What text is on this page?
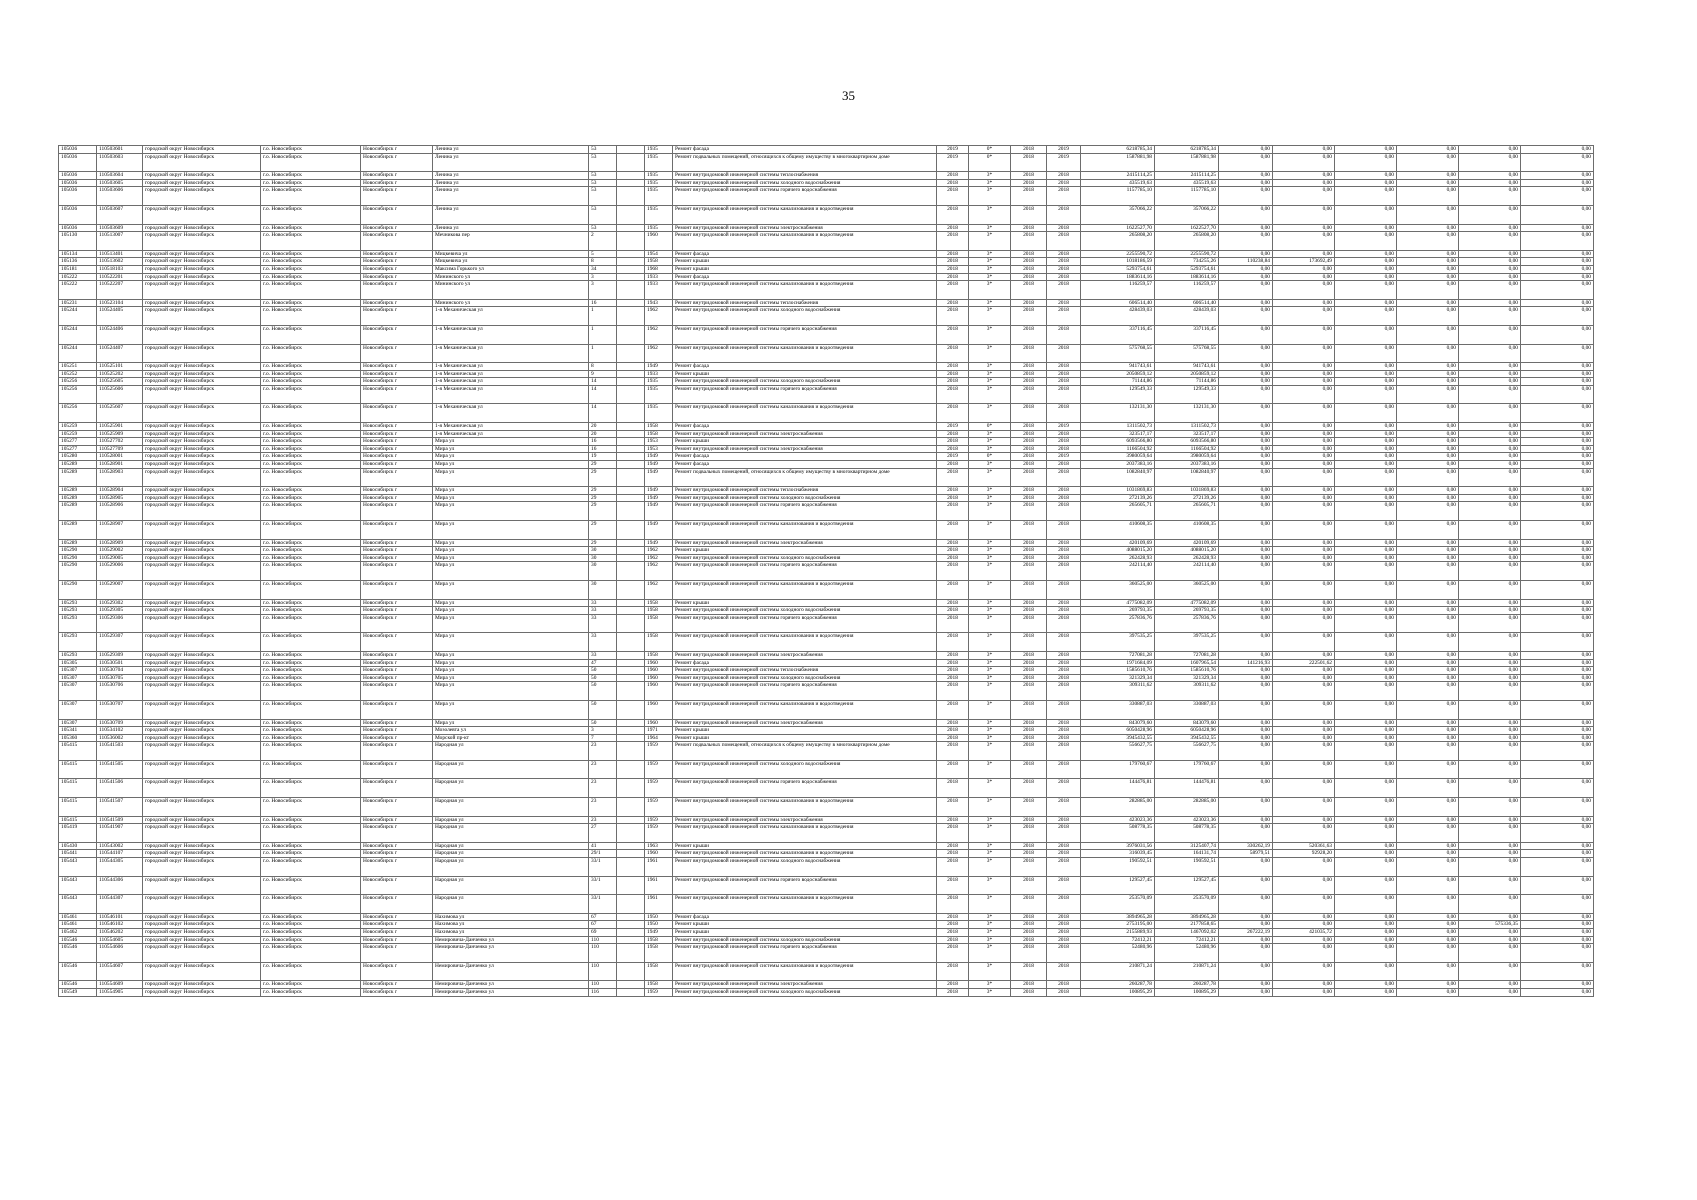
35
105036	110503601	городской округ Новосибирск	г.о. Новосибирск	Новосибирск г	Ленина ул	53		1935	Ремонт фасада	2019	0*	2018	2019	6218785,34	6218785,34	0,00	0,00	0,00	0,00	0,00	0,00
105036	110503603	городской округ Новосибирск	г.о. Новосибирск	Новосибирск г	Ленина ул	53		1935	Ремонт подвальных помещений, относящихся к общему имуществу в многоквартирном доме	2019	0*	2018	2019	1587881,98	1587881,98	0,00	0,00	0,00	0,00	0,00	0,00
105036	110503604	городской округ Новосибирск	г.о. Новосибирск	Новосибирск г	Ленина ул	53		1935	Ремонт внутридомовой инженерной системы теплоснабжения	2018	3*	2018	2018	2415114,25	2415114,25	0,00	0,00	0,00	0,00	0,00	0,00
105036	110503605	городской округ Новосибирск	г.о. Новосибирск	Новосибирск г	Ленина ул	53		1935	Ремонт внутридомовой инженерной системы холодного водоснабжения	2018	3*	2018	2018	435519,63	435519,63	0,00	0,00	0,00	0,00	0,00	0,00
105036	110503606	городской округ Новосибирск	г.о. Новосибирск	Новосибирск г	Ленина ул	53		1935	Ремонт внутридомовой инженерной системы горячего водоснабжения	2018	3*	2018	2018	1157785,10	1157785,10	0,00	0,00	0,00	0,00	0,00	0,00
105036	110503607	городской округ Новосибирск	г.о. Новосибирск	Новосибирск г	Ленина ул	53		1935	Ремонт внутридомовой инженерной системы канализования и водоотведения	2018	3*	2018	2018	357066,22	357066,22	0,00	0,00	0,00	0,00	0,00	0,00
105036	110503609	городской округ Новосибирск	г.о. Новосибирск	Новосибирск г	Ленина ул	53		1935	Ремонт внутридомовой инженерной системы электроснабжения	2018	3*	2018	2018	1622527,70	1622527,70	0,00	0,00	0,00	0,00	0,00	0,00
105130	110513007	городской округ Новосибирск	г.о. Новосибирск	Новосибирск г	Мечникова пер	2		1960	Ремонт внутридомовой инженерной системы канализования и водоотведения	2018	3*	2018	2018	265808,20	265808,20	0,00	0,00	0,00	0,00	0,00	0,00
105134	110513401	городской округ Новосибирск	г.о. Новосибирск	Новосибирск г	Мицкевича ул	5		1954	Ремонт фасада	2018	3*	2018	2018	2255590,72	2255590,72	0,00	0,00	0,00	0,00	0,00	0,00
105136	110513602	городской округ Новосибирск	г.о. Новосибирск	Новосибирск г	Мицкевича ул	8		1958	Ремонт крыши	2018	3*	2018	2018	1018186,59	734255,26	110238,84	173692,49	0,00	0,00	0,00	0,00
105181	110518103	городской округ Новосибирск	г.о. Новосибирск	Новосибирск г	Максима Горького ул	34		1968	Ремонт крыши	2018	3*	2018	2018	5293754,61	5293754,61	0,00	0,00	0,00	0,00	0,00	0,00
105222	110522201	городской округ Новосибирск	г.о. Новосибирск	Новосибирск г	Мининского ул	3		1933	Ремонт фасада	2018	3*	2018	2018	1883614,16	1883614,16	0,00	0,00	0,00	0,00	0,00	0,00
105222	110522207	городской округ Новосибирск	г.о. Новосибирск	Новосибирск г	Мининского ул	3		1933	Ремонт внутридомовой инженерной системы канализования и водоотведения	2018	3*	2018	2018	116259,57	116259,57	0,00	0,00	0,00	0,00	0,00	0,00
105231	110523104	городской округ Новосибирск	г.о. Новосибирск	Новосибирск г	Мининского ул	16		1943	Ремонт внутридомовой инженерной системы теплоснабжения	2018	3*	2018	2018	606514,40	606514,40	0,00	0,00	0,00	0,00	0,00	0,00
105244	110524405	городской округ Новосибирск	г.о. Новосибирск	Новосибирск г	1-я Механическая ул	1		1962	Ремонт внутридомовой инженерной системы холодного водоснабжения	2018	3*	2018	2018	428439,03	428439,03	0,00	0,00	0,00	0,00	0,00	0,00
105244	110524406	городской округ Новосибирск	г.о. Новосибирск	Новосибирск г	1-я Механическая ул	1		1962	Ремонт внутридомовой инженерной системы горячего водоснабжения	2018	3*	2018	2018	337116,45	337116,45	0,00	0,00	0,00	0,00	0,00	0,00
105244	110524407	городской округ Новосибирск	г.о. Новосибирск	Новосибирск г	1-я Механическая ул	1		1962	Ремонт внутридомовой инженерной системы канализования и водоотведения	2018	3*	2018	2018	575768,55	575768,55	0,00	0,00	0,00	0,00	0,00	0,00
105251	110525101	городской округ Новосибирск	г.о. Новосибирск	Новосибирск г	1-я Механическая ул	8		1949	Ремонт фасада	2018	3*	2018	2018	941743,61	941743,61	0,00	0,00	0,00	0,00	0,00	0,00
105252	110525202	городской округ Новосибирск	г.о. Новосибирск	Новосибирск г	1-я Механическая ул	9		1933	Ремонт крыши	2018	3*	2018	2018	2050859,12	2050859,12	0,00	0,00	0,00	0,00	0,00	0,00
105256	110525605	городской округ Новосибирск	г.о. Новосибирск	Новосибирск г	1-я Механическая ул	14		1935	Ремонт внутридомовой инженерной системы холодного водоснабжения	2018	3*	2018	2018	71144,86	71144,86	0,00	0,00	0,00	0,00	0,00	0,00
105256	110525606	городской округ Новосибирск	г.о. Новосибирск	Новосибирск г	1-я Механическая ул	14		1935	Ремонт внутридомовой инженерной системы горячего водоснабжения	2018	3*	2018	2018	129549,33	129549,33	0,00	0,00	0,00	0,00	0,00	0,00
105256	110525607	городской округ Новосибирск	г.о. Новосибирск	Новосибирск г	1-я Механическая ул	14		1935	Ремонт внутридомовой инженерной системы канализования и водоотведения	2018	3*	2018	2018	132131,30	132131,30	0,00	0,00	0,00	0,00	0,00	0,00
105259	110525901	городской округ Новосибирск	г.о. Новосибирск	Новосибирск г	1-я Механическая ул	20		1958	Ремонт фасада	2019	0*	2018	2019	1311502,73	1311502,73	0,00	0,00	0,00	0,00	0,00	0,00
105259	110525909	городской округ Новосибирск	г.о. Новосибирск	Новосибирск г	1-я Механическая ул	20		1958	Ремонт внутридомовой инженерной системы электроснабжения	2018	3*	2018	2018	323517,17	323517,17	0,00	0,00	0,00	0,00	0,00	0,00
105277	110527702	городской округ Новосибирск	г.о. Новосибирск	Новосибирск г	Мира ул	16		1953	Ремонт крыши	2018	3*	2018	2018	6093566,80	6093566,80	0,00	0,00	0,00	0,00	0,00	0,00
105277	110527709	городской округ Новосибирск	г.о. Новосибирск	Новосибирск г	Мира ул	16		1953	Ремонт внутридомовой инженерной системы электроснабжения	2018	3*	2018	2018	1166504,92	1166504,92	0,00	0,00	0,00	0,00	0,00	0,00
105280	110528001	городской округ Новосибирск	г.о. Новосибирск	Новосибирск г	Мира ул	19		1949	Ремонт фасада	2019	0*	2018	2019	3980059,64	3980059,64	0,00	0,00	0,00	0,00	0,00	0,00
105289	110528901	городской округ Новосибирск	г.о. Новосибирск	Новосибирск г	Мира ул	29		1949	Ремонт фасада	2018	3*	2018	2018	2037383,16	2037383,16	0,00	0,00	0,00	0,00	0,00	0,00
105289	110528903	городской округ Новосибирск	г.о. Новосибирск	Новосибирск г	Мира ул	29		1949	Ремонт подвальных помещений, относящихся к общему имуществу в многоквартирном доме	2018	3*	2018	2018	1082840,97	1082840,97	0,00	0,00	0,00	0,00	0,00	0,00
105289	110528904	городской округ Новосибирск	г.о. Новосибирск	Новосибирск г	Мира ул	29		1949	Ремонт внутридомовой инженерной системы теплоснабжения	2018	3*	2018	2018	1031869,83	1031869,83	0,00	0,00	0,00	0,00	0,00	0,00
105289	110528905	городской округ Новосибирск	г.о. Новосибирск	Новосибирск г	Мира ул	29		1949	Ремонт внутридомовой инженерной системы холодного водоснабжения	2018	3*	2018	2018	272139,26	272139,26	0,00	0,00	0,00	0,00	0,00	0,00
105289	110528906	городской округ Новосибирск	г.о. Новосибирск	Новосибирск г	Мира ул	29		1949	Ремонт внутридомовой инженерной системы горячего водоснабжения	2018	3*	2018	2018	265605,71	265605,71	0,00	0,00	0,00	0,00	0,00	0,00
105289	110528907	городской округ Новосибирск	г.о. Новосибирск	Новосибирск г	Мира ул	29		1949	Ремонт внутридомовой инженерной системы канализования и водоотведения	2018	3*	2018	2018	410608,35	410608,35	0,00	0,00	0,00	0,00	0,00	0,00
105289	110528909	городской округ Новосибирск	г.о. Новосибирск	Новосибирск г	Мира ул	29		1949	Ремонт внутридомовой инженерной системы электроснабжения	2018	3*	2018	2018	420109,69	420109,69	0,00	0,00	0,00	0,00	0,00	0,00
105290	110529002	городской округ Новосибирск	г.о. Новосибирск	Новосибирск г	Мира ул	30		1962	Ремонт крыши	2018	3*	2018	2018	4088015,20	4088015,20	0,00	0,00	0,00	0,00	0,00	0,00
105290	110529005	городской округ Новосибирск	г.о. Новосибирск	Новосибирск г	Мира ул	30		1962	Ремонт внутридомовой инженерной системы холодного водоснабжения	2018	3*	2018	2018	262428,93	262428,93	0,00	0,00	0,00	0,00	0,00	0,00
105290	110529006	городской округ Новосибирск	г.о. Новосибирск	Новосибирск г	Мира ул	30		1962	Ремонт внутридомовой инженерной системы горячего водоснабжения	2018	3*	2018	2018	242114,40	242114,40	0,00	0,00	0,00	0,00	0,00	0,00
105290	110529007	городской округ Новосибирск	г.о. Новосибирск	Новосибирск г	Мира ул	30		1962	Ремонт внутридомовой инженерной системы канализования и водоотведения	2018	3*	2018	2018	360525,00	360525,00	0,00	0,00	0,00	0,00	0,00	0,00
105293	110529302	городской округ Новосибирск	г.о. Новосибирск	Новосибирск г	Мира ул	33		1958	Ремонт крыши	2018	3*	2018	2018	4775082,09	4775082,09	0,00	0,00	0,00	0,00	0,00	0,00
105293	110529305	городской округ Новосибирск	г.о. Новосибирск	Новосибирск г	Мира ул	33		1958	Ремонт внутридомовой инженерной системы холодного водоснабжения	2018	3*	2018	2018	269793,35	269793,35	0,00	0,00	0,00	0,00	0,00	0,00
105293	110529306	городской округ Новосибирск	г.о. Новосибирск	Новосибирск г	Мира ул	33		1958	Ремонт внутридомовой инженерной системы горячего водоснабжения	2018	3*	2018	2018	257836,76	257836,76	0,00	0,00	0,00	0,00	0,00	0,00
105293	110529307	городской округ Новосибирск	г.о. Новосибирск	Новосибирск г	Мира ул	33		1958	Ремонт внутридомовой инженерной системы канализования и водоотведения	2018	3*	2018	2018	397535,25	397535,25	0,00	0,00	0,00	0,00	0,00	0,00
105293	110529309	городской округ Новосибирск	г.о. Новосибирск	Новосибирск г	Мира ул	33		1958	Ремонт внутридомовой инженерной системы электроснабжения	2018	3*	2018	2018	727081,28	727081,28	0,00	0,00	0,00	0,00	0,00	0,00
105305	110530501	городской округ Новосибирск	г.о. Новосибирск	Новосибирск г	Мира ул	47		1960	Ремонт фасада	2018	3*	2018	2018	1971684,09	1607965,54	141216,93	222501,62	0,00	0,00	0,00	0,00
105307	110530704	городской округ Новосибирск	г.о. Новосибирск	Новосибирск г	Мира ул	50		1960	Ремонт внутридомовой инженерной системы теплоснабжения	2018	3*	2018	2018	1585610,76	1585610,76	0,00	0,00	0,00	0,00	0,00	0,00
105307	110530705	городской округ Новосибирск	г.о. Новосибирск	Новосибирск г	Мира ул	50		1960	Ремонт внутридомовой инженерной системы холодного водоснабжения	2018	3*	2018	2018	321329,34	321329,34	0,00	0,00	0,00	0,00	0,00	0,00
105307	110530706	городской округ Новосибирск	г.о. Новосибирск	Новосибирск г	Мира ул	50		1960	Ремонт внутридомовой инженерной системы горячего водоснабжения	2018	3*	2018	2018	309311,62	309311,62	0,00	0,00	0,00	0,00	0,00	0,00
105307	110530707	городской округ Новосибирск	г.о. Новосибирск	Новосибирск г	Мира ул	50		1960	Ремонт внутридомовой инженерной системы канализования и водоотведения	2018	3*	2018	2018	330887,03	330887,03	0,00	0,00	0,00	0,00	0,00	0,00
105307	110530709	городской округ Новосибирск	г.о. Новосибирск	Новосибирск г	Мира ул	50		1960	Ремонт внутридомовой инженерной системы электроснабжения	2018	3*	2018	2018	843079,60	843079,60	0,00	0,00	0,00	0,00	0,00	0,00
105341	110534102	городской округ Новосибирск	г.о. Новосибирск	Новосибирск г	Мозолевта ул	3		1971	Ремонт крыши	2018	3*	2018	2018	6050428,96	6050428,96	0,00	0,00	0,00	0,00	0,00	0,00
105360	110536002	городской округ Новосибирск	г.о. Новосибирск	Новосибирск г	Морской пр-кт	7		1964	Ремонт крыши	2018	3*	2018	2018	3945432,55	3945432,55	0,00	0,00	0,00	0,00	0,00	0,00
105415	110541503	городской округ Новосибирск	г.о. Новосибирск	Новосибирск г	Народная ул	23		1959	Ремонт подвальных помещений, относящихся к общему имуществу в многоквартирном доме	2018	3*	2018	2018	556627,75	556627,75	0,00	0,00	0,00	0,00	0,00	0,00
105415	110541505	городской округ Новосибирск	г.о. Новосибирск	Новосибирск г	Народная ул	23		1959	Ремонт внутридомовой инженерной системы холодного водоснабжения	2018	3*	2018	2018	179760,67	179760,67	0,00	0,00	0,00	0,00	0,00	0,00
105415	110541506	городской округ Новосибирск	г.о. Новосибирск	Новосибирск г	Народная ул	23		1959	Ремонт внутридомовой инженерной системы горячего водоснабжения	2018	3*	2018	2018	144476,81	144476,81	0,00	0,00	0,00	0,00	0,00	0,00
105415	110541507	городской округ Новосибирск	г.о. Новосибирск	Новосибирск г	Народная ул	23		1959	Ремонт внутридомовой инженерной системы канализования и водоотведения	2018	3*	2018	2018	282885,00	282885,00	0,00	0,00	0,00	0,00	0,00	0,00
105415	110541509	городской округ Новосибирск	г.о. Новосибирск	Новосибирск г	Народная ул	23		1959	Ремонт внутридомовой инженерной системы электроснабжения	2018	3*	2018	2018	423023,36	423023,36	0,00	0,00	0,00	0,00	0,00	0,00
105419	110541907	городской округ Новосибирск	г.о. Новосибирск	Новосибирск г	Народная ул	27		1959	Ремонт внутридомовой инженерной системы канализования и водоотведения	2018	3*	2018	2018	508778,35	508778,35	0,00	0,00	0,00	0,00	0,00	0,00
105430	110543002	городской округ Новосибирск	г.о. Новосибирск	Новосибирск г	Народная ул	41		1963	Ремонт крыши	2018	3*	2018	2018	3976031,56	3125407,74	330262,19	520361,63	0,00	0,00	0,00	0,00
105441	110544107	городской округ Новосибирск	г.о. Новосибирск	Новосибирск г	Народная ул	29/1		1960	Ремонт внутридомовой инженерной системы канализования и водоотведения	2018	3*	2018	2018	316039,45	164131,74	58979,51	92928,20	0,00	0,00	0,00	0,00
105443	110544305	городской округ Новосибирск	г.о. Новосибирск	Новосибирск г	Народная ул	33/1		1961	Ремонт внутридомовой инженерной системы холодного водоснабжения	2018	3*	2018	2018	190592,51	190592,51	0,00	0,00	0,00	0,00	0,00	0,00
105443	110544306	городской округ Новосибирск	г.о. Новосибирск	Новосибирск г	Народная ул	33/1		1961	Ремонт внутридомовой инженерной системы горячего водоснабжения	2018	3*	2018	2018	129527,45	129527,45	0,00	0,00	0,00	0,00	0,00	0,00
105443	110544307	городской округ Новосибирск	г.о. Новосибирск	Новосибирск г	Народная ул	33/1		1961	Ремонт внутридомовой инженерной системы канализования и водоотведения	2018	3*	2018	2018	253570,09	253570,09	0,00	0,00	0,00	0,00	0,00	0,00
105461	110546101	городской округ Новосибирск	г.о. Новосибирск	Новосибирск г	Нахимова ул	67		1950	Ремонт фасада	2018	3*	2018	2018	3894965,28	3894965,28	0,00	0,00	0,00	0,00	0,00	0,00
105461	110546102	городской округ Новосибирск	г.о. Новосибирск	Новосибирск г	Нахимова ул	67		1950	Ремонт крыши	2018	3*	2018	2018	2753195,00	2177858,65	0,00	0,00	0,00	0,00	575336,35	0,00
105462	110546202	городской округ Новосибирск	г.о. Новосибирск	Новосибирск г	Нахимова ул	69		1949	Ремонт крыши	2018	3*	2018	2018	2155889,93	1467092,02	267222,19	421035,72	0,00	0,00	0,00	0,00
105546	110554605	городской округ Новосибирск	г.о. Новосибирск	Новосибирск г	Немировича-Данченко ул	110		1958	Ремонт внутридомовой инженерной системы холодного водоснабжения	2018	3*	2018	2018	72412,21	72412,21	0,00	0,00	0,00	0,00	0,00	0,00
105546	110554606	городской округ Новосибирск	г.о. Новосибирск	Новосибирск г	Немировича-Данченко ул	110		1958	Ремонт внутридомовой инженерной системы горячего водоснабжения	2018	3*	2018	2018	52480,96	52480,96	0,00	0,00	0,00	0,00	0,00	0,00
105546	110554607	городской округ Новосибирск	г.о. Новосибирск	Новосибирск г	Немировича-Данченко ул	110		1958	Ремонт внутридомовой инженерной системы канализования и водоотведения	2018	3*	2018	2018	210871,24	210871,24	0,00	0,00	0,00	0,00	0,00	0,00
105546	110554609	городской округ Новосибирск	г.о. Новосибирск	Новосибирск г	Немировича-Данченко ул	110		1958	Ремонт внутридомовой инженерной системы электроснабжения	2018	3*	2018	2018	260287,78	260287,78	0,00	0,00	0,00	0,00	0,00	0,00
105549	110554905	городской округ Новосибирск	г.о. Новосибирск	Новосибирск г	Немировича-Данченко ул	116		1959	Ремонт внутридомовой инженерной системы холодного водоснабжения	2018	3*	2018	2018	100895,29	100895,29	0,00	0,00	0,00	0,00	0,00	0,00
